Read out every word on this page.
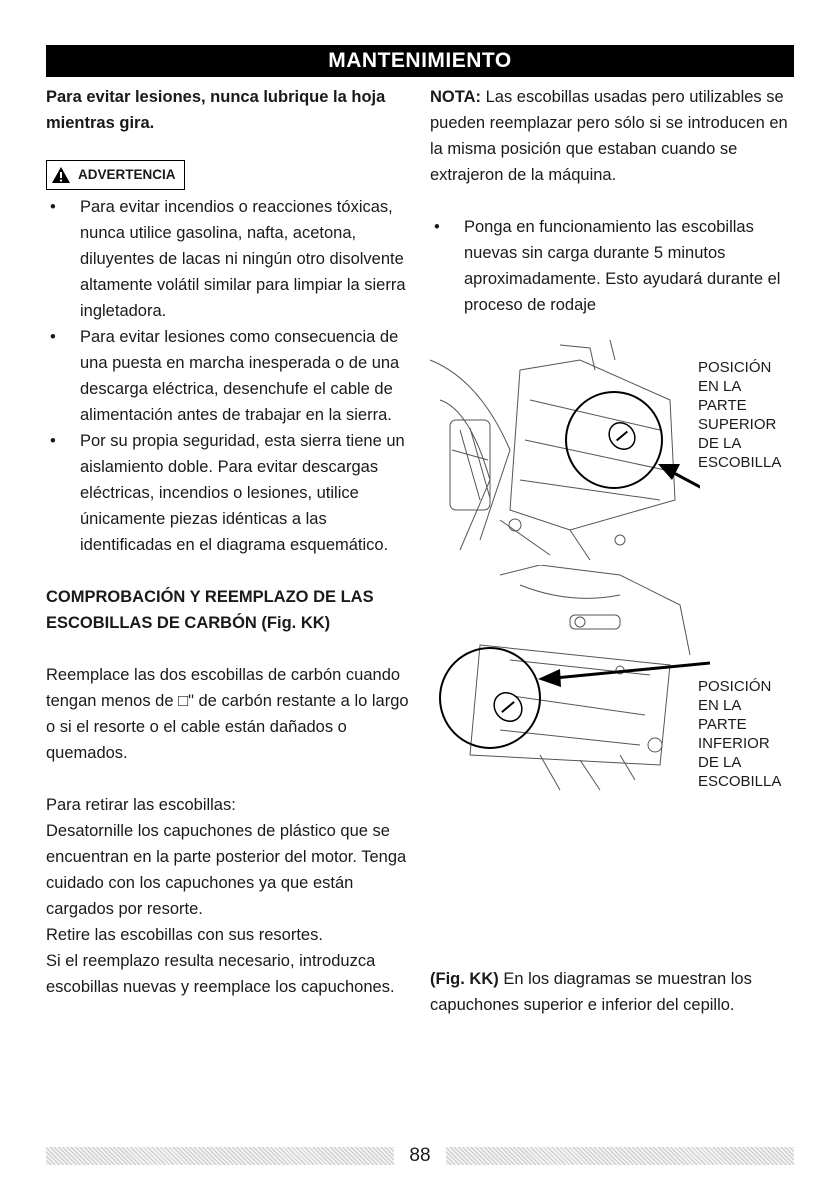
MANTENIMIENTO
Para evitar lesiones, nunca lubrique la hoja mientras gira.
ADVERTENCIA
• Para evitar incendios o reacciones tóxicas, nunca utilice gasolina, nafta, acetona, diluyentes de lacas ni ningún otro disolvente altamente volátil similar para limpiar la sierra ingletadora.
• Para evitar lesiones como consecuencia de una puesta en marcha inesperada o de una descarga eléctrica, desenchufe el cable de alimentación antes de trabajar en la sierra.
• Por su propia seguridad, esta sierra tiene un aislamiento doble. Para evitar descargas eléctricas, incendios o lesiones, utilice únicamente piezas idénticas a las identificadas en el diagrama esquemático.
COMPROBACIÓN Y REEMPLAZO DE LAS ESCOBILLAS DE CARBÓN (Fig. KK)
Reemplace las dos escobillas de carbón cuando tengan menos de □" de carbón restante a lo largo o si el resorte o el cable están dañados o quemados.
Para retirar las escobillas:
Desatornille los capuchones de plástico que se encuentran en la parte posterior del motor. Tenga cuidado con los capuchones ya que están cargados por resorte.
Retire las escobillas con sus resortes.
Si el reemplazo resulta necesario, introduzca escobillas nuevas y reemplace los capuchones.
NOTA: Las escobillas usadas pero utilizables se pueden reemplazar pero sólo si se introducen en la misma posición que estaban cuando se extrajeron de la máquina.
• Ponga en funcionamiento las escobillas nuevas sin carga durante 5 minutos aproximadamente. Esto ayudará durante el proceso de rodaje
POSICIÓN
EN LA
PARTE
SUPERIOR
DE LA
ESCOBILLA
POSICIÓN
EN LA
PARTE
INFERIOR
DE LA
ESCOBILLA
(Fig. KK) En los diagramas se muestran los capuchones superior e inferior del cepillo.
88
